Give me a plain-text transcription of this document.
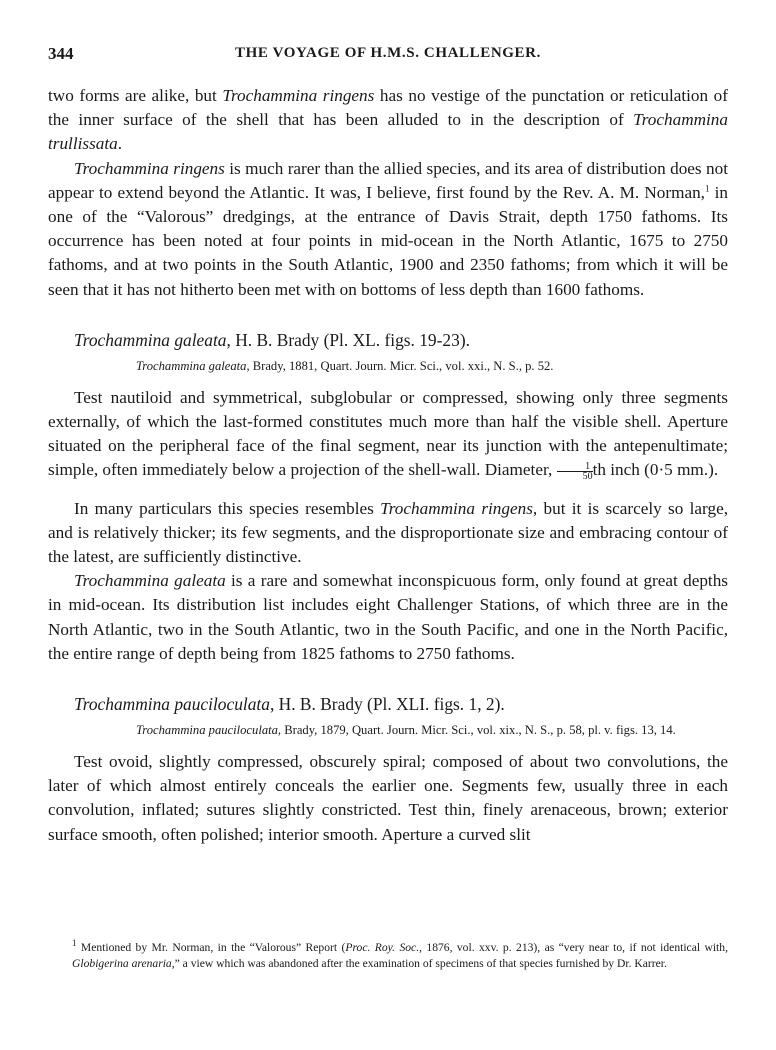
344	THE VOYAGE OF H.M.S. CHALLENGER.

two forms are alike, but Trochammina ringens has no vestige of the punctation or reticulation of the inner surface of the shell that has been alluded to in the description of Trochammina trullissata.

Trochammina ringens is much rarer than the allied species, and its area of distribution does not appear to extend beyond the Atlantic. It was, I believe, first found by the Rev. A. M. Norman,$^1$ in one of the “Valorous” dredgings, at the entrance of Davis Strait, depth 1750 fathoms. Its occurrence has been noted at four points in mid-ocean in the North Atlantic, 1675 to 2750 fathoms, and at two points in the South Atlantic, 1900 and 2350 fathoms; from which it will be seen that it has not hitherto been met with on bottoms of less depth than 1600 fathoms.

Trochammina galeata, H. B. Brady (Pl. XL. figs. 19-23).

Trochammina galeata, Brady, 1881, Quart. Journ. Micr. Sci., vol. xxi., N. S., p. 52.

Test nautiloid and symmetrical, subglobular or compressed, showing only three segments externally, of which the last-formed constitutes much more than half the visible shell. Aperture situated on the peripheral face of the final segment, near its junction with the antepenultimate; simple, often immediately below a projection of the shell-wall. Diameter, $\frac{1}{50}$ th inch (0·5 mm.).

In many particulars this species resembles Trochammina ringens, but it is scarcely so large, and is relatively thicker; its few segments, and the disproportionate size and embracing contour of the latest, are sufficiently distinctive.

Trochammina galeata is a rare and somewhat inconspicuous form, only found at great depths in mid-ocean. Its distribution list includes eight Challenger Stations, of which three are in the North Atlantic, two in the South Atlantic, two in the South Pacific, and one in the North Pacific, the entire range of depth being from 1825 fathoms to 2750 fathoms.

Trochammina pauciloculata, H. B. Brady (Pl. XLI. figs. 1, 2).

Trochammina pauciloculata, Brady, 1879, Quart. Journ. Micr. Sci., vol. xix., N. S., p. 58, pl. v. figs. 13, 14.

Test ovoid, slightly compressed, obscurely spiral; composed of about two convolutions, the later of which almost entirely conceals the earlier one. Segments few, usually three in each convolution, inflated; sutures slightly constricted. Test thin, finely arenaceous, brown; exterior surface smooth, often polished; interior smooth. Aperture a curved slit

$^1$ Mentioned by Mr. Norman, in the “Valorous” Report (Proc. Roy. Soc., 1876, vol. xxv. p. 213), as “very near to, if not identical with, Globigerina arenaria,” a view which was abandoned after the examination of specimens of that species furnished by Dr. Karrer.
